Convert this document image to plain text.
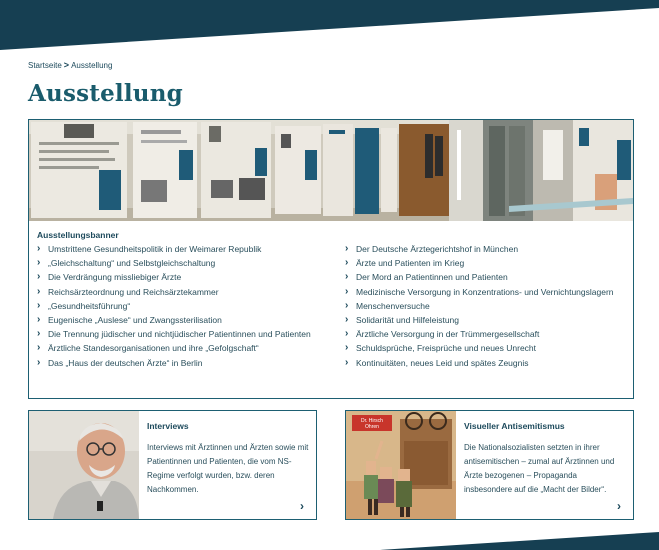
Startseite > Ausstellung
Ausstellung
Ausstellungsbanner
› Umstrittene Gesundheitspolitik in der Weimarer Republik
› „Gleichschaltung“ und Selbstgleichschaltung
› Die Verdrängung missliebiger Ärzte
› Reichsärzteordnung und Reichsärztekammer
› „Gesundheitsführung“
› Eugenische „Auslese“ und Zwangssterilisation
› Die Trennung jüdischer und nichtjüdischer Patientinnen und Patienten
› Ärztliche Standesorganisationen und ihre „Gefolgschaft“
› Das „Haus der deutschen Ärzte“ in Berlin
› Der Deutsche Ärztegerichtshof in München
› Ärzte und Patienten im Krieg
› Der Mord an Patientinnen und Patienten
› Medizinische Versorgung in Konzentrations- und Vernichtungslagern
› Menschenversuche
› Solidarität und Hilfeleistung
› Ärztliche Versorgung in der Trümmergesellschaft
› Schuldsprüche, Freisprüche und neues Unrecht
› Kontinuitäten, neues Leid und spätes Zeugnis
Interviews

Interviews mit Ärztinnen und Ärzten sowie mit Patientinnen und Patienten, die vom NS-Regime verfolgt wurden, bzw. deren Nachkommen.

›
Dr. Hirsch
Ohren	Visueller Antisemitismus

Die Nationalsozialisten setzten in ihrer antisemitischen – zumal auf Ärztinnen und Ärzte bezogenen – Propaganda insbesondere auf die „Macht der Bilder“.

›
